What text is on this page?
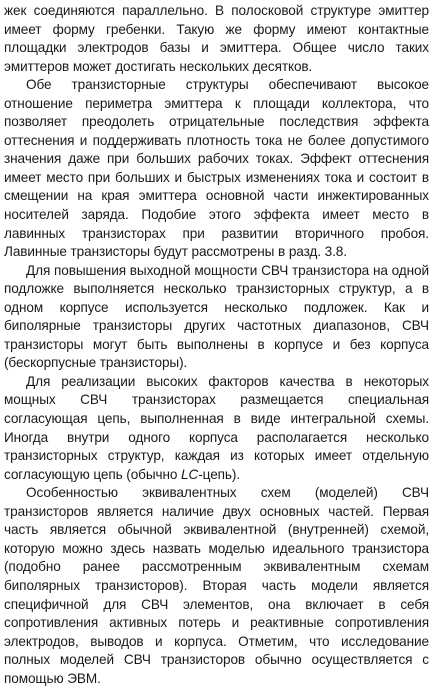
жек соединяются параллельно. В полосковой структуре эмиттер имеет форму гребенки. Такую же форму имеют контактные площадки электродов базы и эмиттера. Общее число таких эмиттеров может достигать нескольких десятков.

Обе транзисторные структуры обеспечивают высокое отношение периметра эмиттера к площади коллектора, что позволяет преодолеть отрицательные последствия эффекта оттеснения и поддерживать плотность тока не более допустимого значения даже при больших рабочих токах. Эффект оттеснения имеет место при больших и быстрых изменениях тока и состоит в смещении на края эмиттера основной части инжектированных носителей заряда. Подобие этого эффекта имеет место в лавинных транзисторах при развитии вторичного пробоя. Лавинные транзисторы будут рассмотрены в разд. 3.8.

Для повышения выходной мощности СВЧ транзистора на одной подложке выполняется несколько транзисторных структур, а в одном корпусе используется несколько подложек. Как и биполярные транзисторы других частотных диапазонов, СВЧ транзисторы могут быть выполнены в корпусе и без корпуса (бескорпусные транзисторы).

Для реализации высоких факторов качества в некоторых мощных СВЧ транзисторах размещается специальная согласующая цепь, выполненная в виде интегральной схемы. Иногда внутри одного корпуса располагается несколько транзисторных структур, каждая из которых имеет отдельную согласующую цепь (обычно LC-цепь).

Особенностью эквивалентных схем (моделей) СВЧ транзисторов является наличие двух основных частей. Первая часть является обычной эквивалентной (внутренней) схемой, которую можно здесь назвать моделью идеального транзистора (подобно ранее рассмотренным эквивалентным схемам биполярных транзисторов). Вторая часть модели является специфичной для СВЧ элементов, она включает в себя сопротивления активных потерь и реактивные сопротивления электродов, выводов и корпуса. Отметим, что исследование полных моделей СВЧ транзисторов обычно осуществляется с помощью ЭВМ.
